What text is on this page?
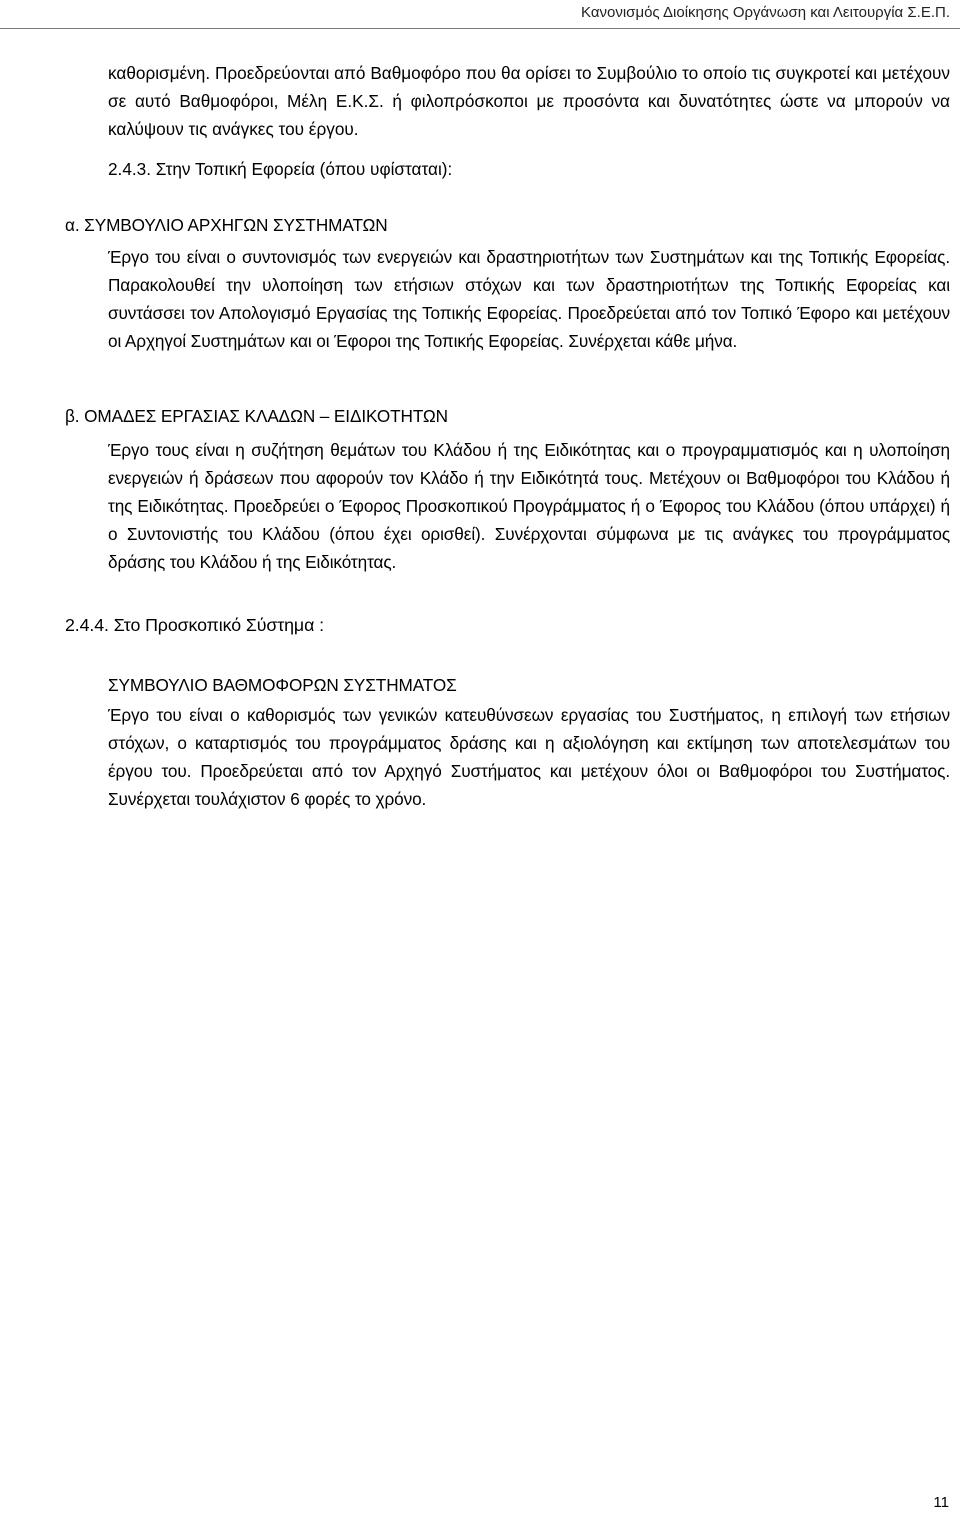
Κανονισμός Διοίκησης Οργάνωση και Λειτουργία Σ.Ε.Π.

καθορισμένη. Προεδρεύονται από Βαθμοφόρο που θα ορίσει το Συμβούλιο το οποίο τις συγκροτεί και μετέχουν σε αυτό Βαθμοφόροι, Μέλη Ε.Κ.Σ. ή φιλοπρόσκοποι με προσόντα και δυνατότητες ώστε να μπορούν να καλύψουν τις ανάγκες του έργου.

2.4.3. Στην Τοπική Εφορεία (όπου υφίσταται):
α. ΣΥΜΒΟΥΛΙΟ ΑΡΧΗΓΩΝ ΣΥΣΤΗΜΑΤΩΝ

Έργο του είναι ο συντονισμός των ενεργειών και δραστηριοτήτων των Συστημάτων και της Τοπικής Εφορείας. Παρακολουθεί την υλοποίηση των ετήσιων στόχων και των δραστηριοτήτων της Τοπικής Εφορείας και συντάσσει τον Απολογισμό Εργασίας της Τοπικής Εφορείας. Προεδρεύεται από τον Τοπικό Έφορο και μετέχουν οι Αρχηγοί Συστημάτων και οι Έφοροι της Τοπικής Εφορείας. Συνέρχεται κάθε μήνα.

β. ΟΜΑΔΕΣ ΕΡΓΑΣΙΑΣ ΚΛΑΔΩΝ – ΕΙΔΙΚΟΤΗΤΩΝ

Έργο τους είναι η συζήτηση θεμάτων του Κλάδου ή της Ειδικότητας και ο προγραμματισμός και η υλοποίηση ενεργειών ή δράσεων που αφορούν τον Κλάδο ή την Ειδικότητά τους. Μετέχουν οι Βαθμοφόροι του Κλάδου ή της Ειδικότητας. Προεδρεύει ο Έφορος Προσκοπικού Προγράμματος ή ο Έφορος του Κλάδου (όπου υπάρχει) ή ο Συντονιστής του Κλάδου (όπου έχει ορισθεί). Συνέρχονται σύμφωνα με τις ανάγκες του προγράμματος δράσης του Κλάδου ή της Ειδικότητας.

2.4.4. Στο Προσκοπικό Σύστημα :
ΣΥΜΒΟΥΛΙΟ ΒΑΘΜΟΦΟΡΩΝ ΣΥΣΤΗΜΑΤΟΣ

Έργο του είναι ο καθορισμός των γενικών κατευθύνσεων εργασίας του Συστήματος, η επιλογή των ετήσιων στόχων, ο καταρτισμός του προγράμματος δράσης και η αξιολόγηση και εκτίμηση των αποτελεσμάτων του έργου του. Προεδρεύεται από τον Αρχηγό Συστήματος και μετέχουν όλοι οι Βαθμοφόροι του Συστήματος. Συνέρχεται τουλάχιστον 6 φορές το χρόνο.

11
